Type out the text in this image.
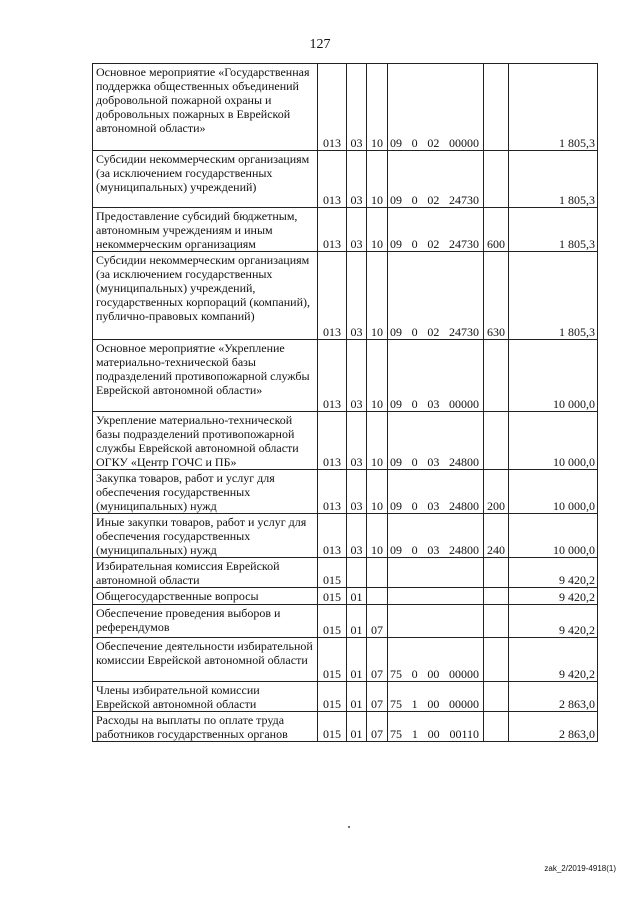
127
Основное мероприятие «Государственная поддержка общественных объединений добровольной пожарной охраны и добровольных пожарных в Еврейской автономной области»	013	03	10	09 0 02 00000		1 805,3
Субсидии некоммерческим организациям (за исключением государственных (муниципальных) учреждений)	013	03	10	09 0 02 24730		1 805,3
Предоставление субсидий бюджетным, автономным учреждениям и иным некоммерческим организациям	013	03	10	09 0 02 24730	600	1 805,3
Субсидии некоммерческим организациям (за исключением государственных (муниципальных) учреждений, государственных корпораций (компаний), публично-правовых компаний)	013	03	10	09 0 02 24730	630	1 805,3
Основное мероприятие «Укрепление материально-технической базы подразделений противопожарной службы Еврейской автономной области»	013	03	10	09 0 03 00000		10 000,0
Укрепление материально-технической базы подразделений противопожарной службы Еврейской автономной области ОГКУ «Центр ГОЧС и ПБ»	013	03	10	09 0 03 24800		10 000,0
Закупка товаров, работ и услуг для обеспечения государственных (муниципальных) нужд	013	03	10	09 0 03 24800	200	10 000,0
Иные закупки товаров, работ и услуг для обеспечения государственных (муниципальных) нужд	013	03	10	09 0 03 24800	240	10 000,0
Избирательная комиссия Еврейской автономной области	015					9 420,2
Общегосударственные вопросы	015	01				9 420,2
Обеспечение проведения выборов и референдумов	015	01	07			9 420,2
Обеспечение деятельности избирательной комиссии Еврейской автономной области	015	01	07	75 0 00 00000		9 420,2
Члены избирательной комиссии Еврейской автономной области	015	01	07	75 1 00 00000		2 863,0
Расходы на выплаты по оплате труда работников государственных органов	015	01	07	75 1 00 00110		2 863,0
zak_2/2019-4918(1)
